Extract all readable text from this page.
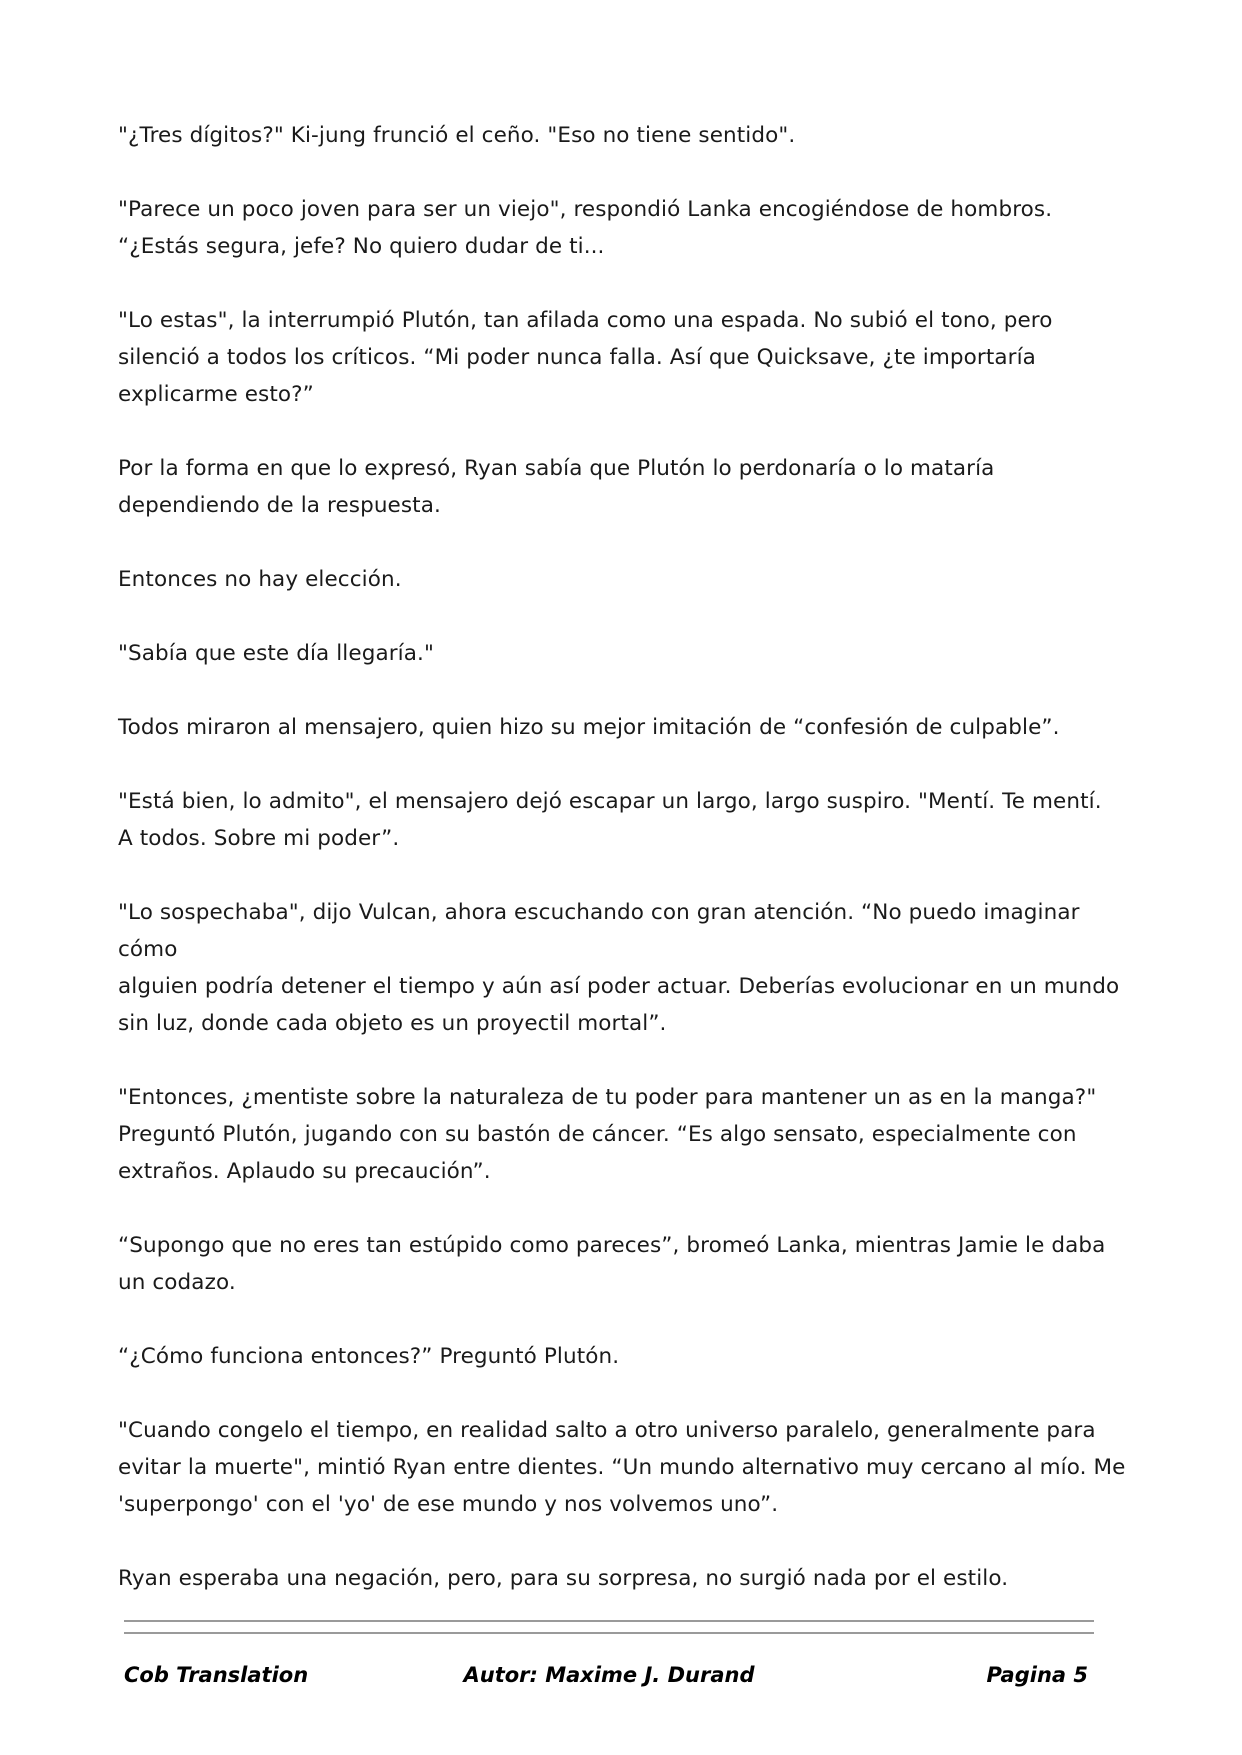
"¿Tres dígitos?" Ki-jung frunció el ceño. "Eso no tiene sentido".

"Parece un poco joven para ser un viejo", respondió Lanka encogiéndose de hombros.
“¿Estás segura, jefe? No quiero dudar de ti...

"Lo estas", la interrumpió Plutón, tan afilada como una espada. No subió el tono, pero
silenció a todos los críticos. “Mi poder nunca falla. Así que Quicksave, ¿te importaría
explicarme esto?”

Por la forma en que lo expresó, Ryan sabía que Plutón lo perdonaría o lo mataría
dependiendo de la respuesta.

Entonces no hay elección.

"Sabía que este día llegaría."

Todos miraron al mensajero, quien hizo su mejor imitación de “confesión de culpable”.

"Está bien, lo admito", el mensajero dejó escapar un largo, largo suspiro. "Mentí. Te mentí.
A todos. Sobre mi poder”.

"Lo sospechaba", dijo Vulcan, ahora escuchando con gran atención. “No puedo imaginar cómo
alguien podría detener el tiempo y aún así poder actuar. Deberías evolucionar en un mundo
sin luz, donde cada objeto es un proyectil mortal”.

"Entonces, ¿mentiste sobre la naturaleza de tu poder para mantener un as en la manga?"
Preguntó Plutón, jugando con su bastón de cáncer. “Es algo sensato, especialmente con
extraños. Aplaudo su precaución”.

“Supongo que no eres tan estúpido como pareces”, bromeó Lanka, mientras Jamie le daba
un codazo.

“¿Cómo funciona entonces?” Preguntó Plutón.

"Cuando congelo el tiempo, en realidad salto a otro universo paralelo, generalmente para
evitar la muerte", mintió Ryan entre dientes. “Un mundo alternativo muy cercano al mío. Me
'superpongo' con el 'yo' de ese mundo y nos volvemos uno”.

Ryan esperaba una negación, pero, para su sorpresa, no surgió nada por el estilo.

Cob Translation	Autor: Maxime J. Durand	Pagina 5
